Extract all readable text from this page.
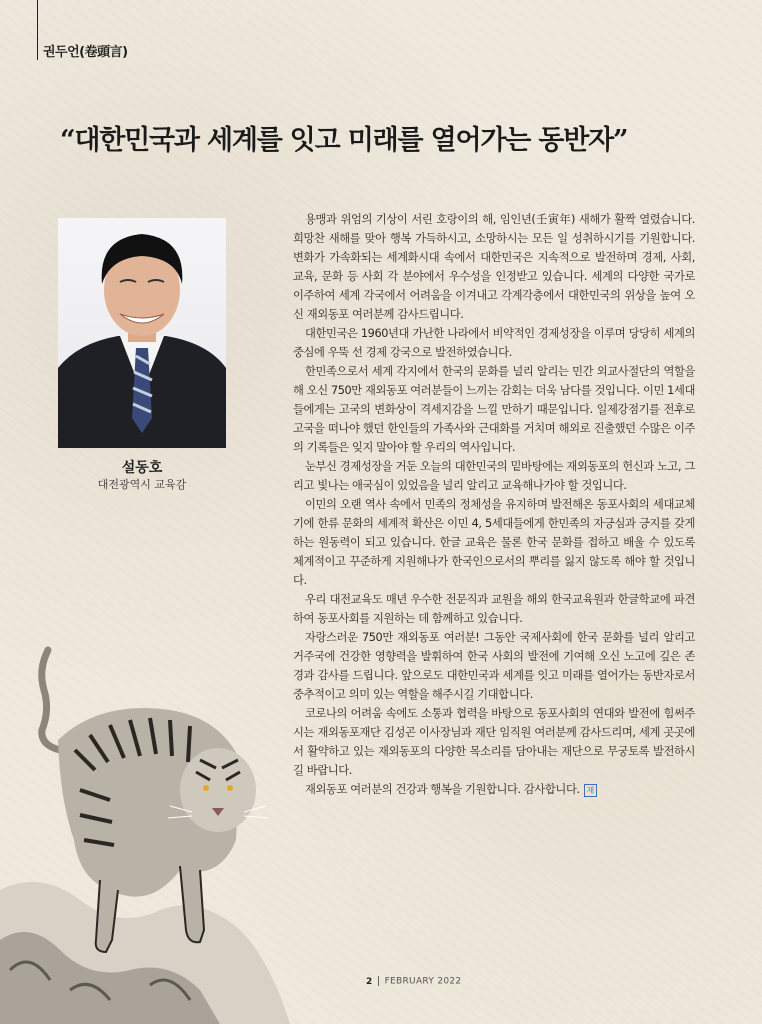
권두언(卷頭言)
“대한민국과 세계를 잇고 미래를 열어가는 동반자”
설동호
대전광역시 교육감

용맹과 위엄의 기상이 서린 호랑이의 해, 임인년(壬寅年) 새해가 활짝 열렸습니다. 희망찬 새해를 맞아 행복 가득하시고, 소망하시는 모든 일 성취하시기를 기원합니다. 변화가 가속화되는 세계화시대 속에서 대한민국은 지속적으로 발전하며 경제, 사회, 교육, 문화 등 사회 각 분야에서 우수성을 인정받고 있습니다. 세계의 다양한 국가로 이주하여 세계 각국에서 어려움을 이겨내고 각계각층에서 대한민국의 위상을 높여 오신 재외동포 여러분께 감사드립니다.

대한민국은 1960년대 가난한 나라에서 비약적인 경제성장을 이루며 당당히 세계의 중심에 우뚝 선 경제 강국으로 발전하였습니다.

한민족으로서 세계 각지에서 한국의 문화를 널리 알리는 민간 외교사절단의 역할을 해 오신 750만 재외동포 여러분들이 느끼는 감회는 더욱 남다를 것입니다. 이민 1세대들에게는 고국의 변화상이 격세지감을 느낄 만하기 때문입니다. 일제강점기를 전후로 고국을 떠나야 했던 한인들의 가족사와 근대화를 거치며 해외로 진출했던 수많은 이주의 기록들은 잊지 말아야 할 우리의 역사입니다.

눈부신 경제성장을 거둔 오늘의 대한민국의 밑바탕에는 재외동포의 헌신과 노고, 그리고 빛나는 애국심이 있었음을 널리 알리고 교육해나가야 할 것입니다.

이민의 오랜 역사 속에서 민족의 정체성을 유지하며 발전해온 동포사회의 세대교체기에 한류 문화의 세계적 확산은 이민 4, 5세대들에게 한민족의 자긍심과 긍지를 갖게 하는 원동력이 되고 있습니다. 한글 교육은 물론 한국 문화를 접하고 배울 수 있도록 체계적이고 꾸준하게 지원해나가 한국인으로서의 뿌리를 잃지 않도록 해야 할 것입니다.

우리 대전교육도 매년 우수한 전문직과 교원을 해외 한국교육원과 한글학교에 파견하여 동포사회를 지원하는 데 함께하고 있습니다.

자랑스러운 750만 재외동포 여러분! 그동안 국제사회에 한국 문화를 널리 알리고 거주국에 건강한 영향력을 발휘하여 한국 사회의 발전에 기여해 오신 노고에 깊은 존경과 감사를 드립니다. 앞으로도 대한민국과 세계를 잇고 미래를 열어가는 동반자로서 중추적이고 의미 있는 역할을 해주시길 기대합니다.

코로나의 어려움 속에도 소통과 협력을 바탕으로 동포사회의 연대와 발전에 힘써주시는 재외동포재단 김성곤 이사장님과 재단 임직원 여러분께 감사드리며, 세계 곳곳에서 활약하고 있는 재외동포의 다양한 목소리를 담아내는 재단으로 무궁토록 발전하시길 바랍니다.

재외동포 여러분의 건강과 행복을 기원합니다. 감사합니다. 재

2 FEBRUARY 2022
